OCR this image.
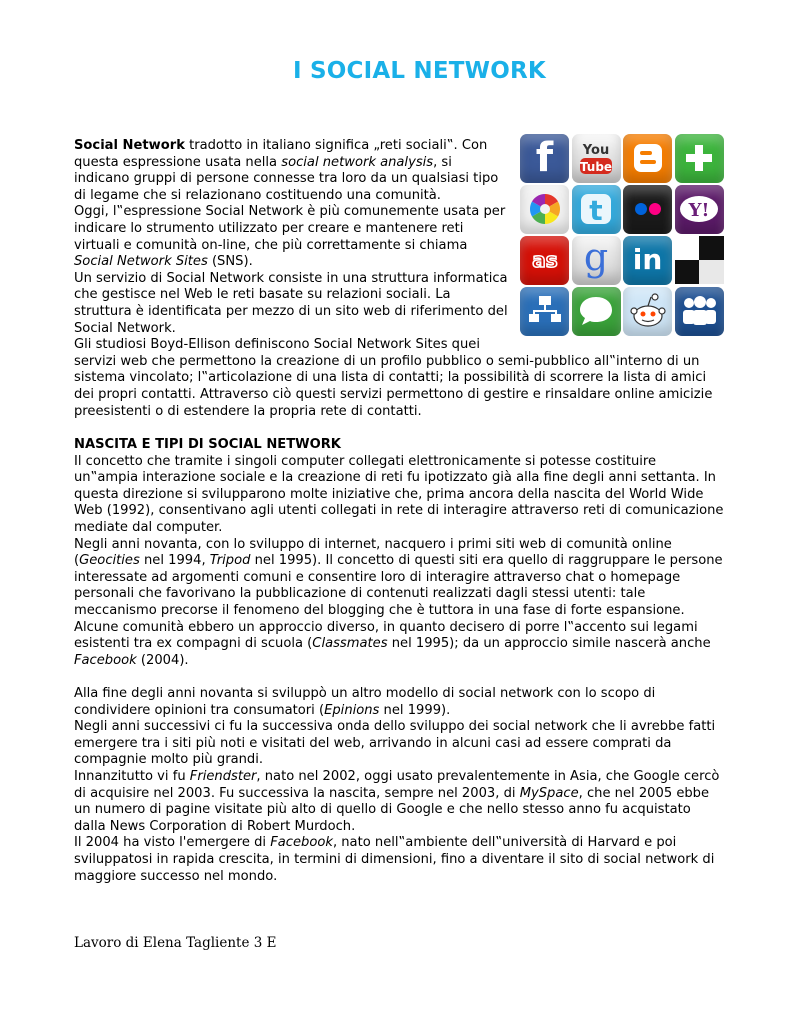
I SOCIAL NETWORK
f You
Tube
t	Y!
as g in

Social Network tradotto in italiano significa „reti sociali‟. Con questa espressione usata nella social network analysis, si indicano gruppi di persone connesse tra loro da un qualsiasi tipo di legame che si relazionano costituendo una comunità.

Oggi, l‟espressione Social Network è più comunemente usata per indicare lo strumento utilizzato per creare e mantenere reti virtuali e comunità on-line, che più correttamente si chiama Social Network Sites (SNS).

Un servizio di Social Network consiste in una struttura informatica che gestisce nel Web le reti basate su relazioni sociali. La struttura è identificata per mezzo di un sito web di riferimento del Social Network.

Gli studiosi Boyd-Ellison definiscono Social Network Sites quei servizi web che permettono la creazione di un profilo pubblico o semi-pubblico all‟interno di un sistema vincolato; l‟articolazione di una lista di contatti; la possibilità di scorrere la lista di amici dei propri contatti. Attraverso ciò questi servizi permettono di gestire e rinsaldare online amicizie preesistenti o di estendere la propria rete di contatti.

NASCITA E TIPI DI SOCIAL NETWORK

Il concetto che tramite i singoli computer collegati elettronicamente si potesse costituire un‟ampia interazione sociale e la creazione di reti fu ipotizzato già alla fine degli anni settanta. In questa direzione si svilupparono molte iniziative che, prima ancora della nascita del World Wide Web (1992), consentivano agli utenti collegati in rete di interagire attraverso reti di comunicazione mediate dal computer.

Negli anni novanta, con lo sviluppo di internet, nacquero i primi siti web di comunità online (Geocities nel 1994, Tripod nel 1995). Il concetto di questi siti era quello di raggruppare le persone interessate ad argomenti comuni e consentire loro di interagire attraverso chat o homepage personali che favorivano la pubblicazione di contenuti realizzati dagli stessi utenti: tale meccanismo precorse il fenomeno del blogging che è tuttora in una fase di forte espansione.

Alcune comunità ebbero un approccio diverso, in quanto decisero di porre l‟accento sui legami esistenti tra ex compagni di scuola (Classmates nel 1995); da un approccio simile nascerà anche Facebook (2004).

Alla fine degli anni novanta si sviluppò un altro modello di social network con lo scopo di condividere opinioni tra consumatori (Epinions nel 1999).

Negli anni successivi ci fu la successiva onda dello sviluppo dei social network che li avrebbe fatti emergere tra i siti più noti e visitati del web, arrivando in alcuni casi ad essere comprati da compagnie molto più grandi.

Innanzitutto vi fu Friendster, nato nel 2002, oggi usato prevalentemente in Asia, che Google cercò di acquisire nel 2003. Fu successiva la nascita, sempre nel 2003, di MySpace, che nel 2005 ebbe un numero di pagine visitate più alto di quello di Google e che nello stesso anno fu acquistato dalla News Corporation di Robert Murdoch.

Il 2004 ha visto l'emergere di Facebook, nato nell‟ambiente dell‟università di Harvard e poi sviluppatosi in rapida crescita, in termini di dimensioni, fino a diventare il sito di social network di maggiore successo nel mondo.

Lavoro di Elena Tagliente 3 E
